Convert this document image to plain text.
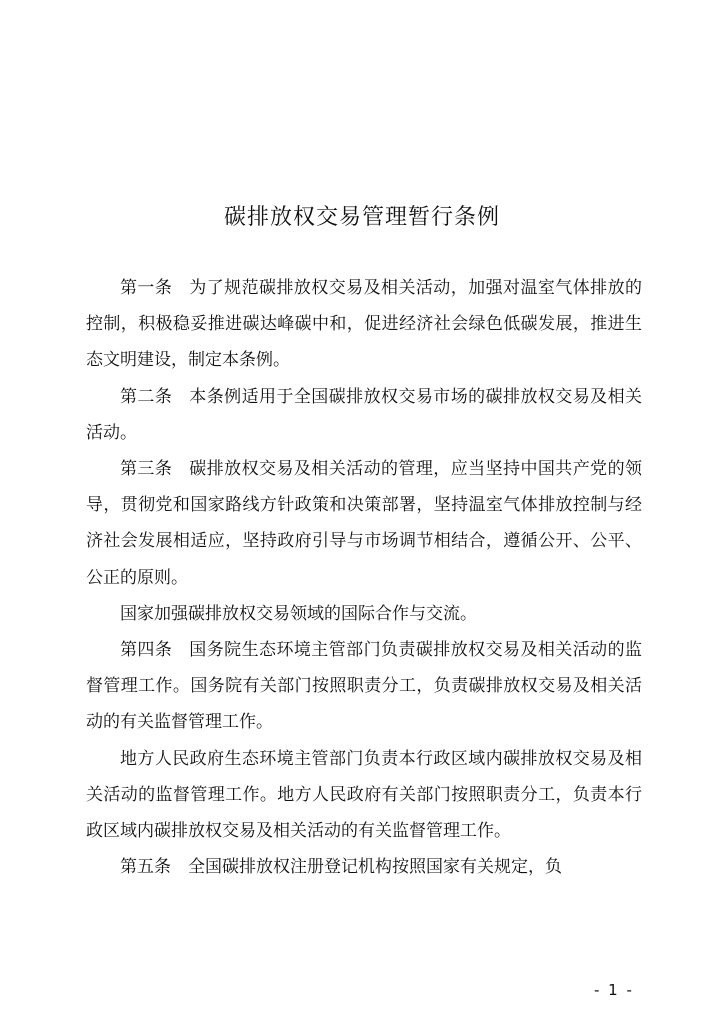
碳排放权交易管理暂行条例

第一条 为了规范碳排放权交易及相关活动，加强对温室气体排放的控制，积极稳妥推进碳达峰碳中和，促进经济社会绿色低碳发展，推进生态文明建设，制定本条例。

第二条 本条例适用于全国碳排放权交易市场的碳排放权交易及相关活动。

第三条 碳排放权交易及相关活动的管理，应当坚持中国共产党的领导，贯彻党和国家路线方针政策和决策部署，坚持温室气体排放控制与经济社会发展相适应，坚持政府引导与市场调节相结合，遵循公开、公平、公正的原则。

国家加强碳排放权交易领域的国际合作与交流。

第四条 国务院生态环境主管部门负责碳排放权交易及相关活动的监督管理工作。国务院有关部门按照职责分工，负责碳排放权交易及相关活动的有关监督管理工作。

地方人民政府生态环境主管部门负责本行政区域内碳排放权交易及相关活动的监督管理工作。地方人民政府有关部门按照职责分工，负责本行政区域内碳排放权交易及相关活动的有关监督管理工作。

第五条 全国碳排放权注册登记机构按照国家有关规定，负

- 1 -
